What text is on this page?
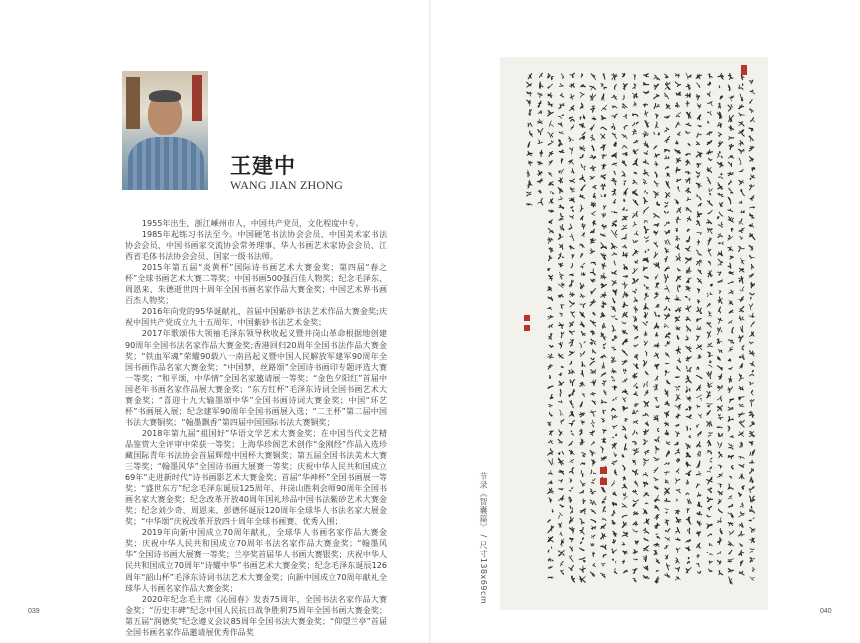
王建中
WANG JIAN ZHONG

1955年出生，浙江嵊州市人，中国共产党员，文化程度中专。

1985年起练习书法至今。中国硬笔书法协会会员、中国美术家书法协会会员、中国书画家交流协会常务理事、华人书画艺术家协会会员、江西省毛体书法协会会员、国家一级书法师。

2015年第五届“炎黄杯”国际诗书画艺术大赛金奖；第四届“春之杯”全球书画艺术大赛二等奖；中国书画500强百佳人物奖；纪念毛泽东、周恩来、朱德逝世四十周年全国书画名家作品大赛金奖；中国艺术界书画百杰人物奖；

2016年向党的95华诞献礼，首届中国紫砂书法艺术作品大赛金奖;庆祝中国共产党成立九十五周年、中国紫砂书法艺术金奖；

2017年歌颂伟大领袖毛泽东领导秋收起义暨井岗山革命根据地创建90周年全国书法名家作品大赛金奖;香港回归20周年全国书法作品大赛金奖；“铁血军魂”荣耀90载八一南昌起义暨中国人民解放军建军90周年全国书画作品名家大赛金奖；“中国梦，丝路颂”全国诗书画印专题评选大赛一等奖；“和平颂，中华情”全国名家邀请展一等奖；“金色夕阳红”首届中国老年书画名家作品展大赛金奖；“东方红杯”毛泽东诗词全国书画艺术大赛金奖；“喜迎十九大输墨颂中华”全国书画诗词大赛金奖；中国“环艺杯”书画展入展；纪念建军90周年全国书画展入选；“二王杯”第二届中国书法大赛铜奖；“翰墨飘香”第四届中国国际书法大赛铜奖；

2018年第九届“祖国好”华语文学艺术大赛金奖；在中国当代文艺精品鉴赏大全评审中荣获一等奖；上海华珍阁艺术创作“金刚经”作品入选珍藏国际青年书法协会首届辉煌中国杯大赛铜奖；第五届全国书法美术大赛三等奖；“翰墨风华”全国诗书画大展赛一等奖；庆祝中华人民共和国成立69年“走进新时代”诗书画影艺术大赛金奖；首届“华神杯”全国书画展一等奖；“盛世东方”纪念毛泽东诞辰125周年、井岗山胜利会师90周年全国书画名家大赛金奖；纪念改革开放40周年国礼珍品中国书法紫砂艺术大赛金奖；纪念刘少奇、周恩来、彭德怀诞辰120周年全球华人书法名家大展金奖；“中华颂”庆祝改革开放四十周年全球书画赛、优秀入围；

2019年向新中国成立70周年献礼，全球华人书画名家作品大赛金奖；庆祝中华人民共和国成立70周年书法名家作品大赛金奖；“翰墨风华”全国诗书画大展赛一等奖；兰亭奖首届华人书画大赛银奖；庆祝中华人民共和国成立70周年“诗耀中华”书画艺术大赛金奖；纪念毛泽东诞辰126周年“韶山杯”毛泽东诗词书法艺术大赛金奖；向新中国成立70周年献礼全球华人书画名家作品大赛金奖；

2020年纪念毛主席《沁园春》发表75周年，全国书法名家作品大赛金奖；“历史丰碑”纪念中国人民抗日战争胜利75周年全国书画大赛金奖；第五届“润德奖”纪念遵义会议85周年全国书法大赛金奖；“仰望兰亭”首届全国书画名家作品邀请展优秀作品奖

039
节录《智囊篇》 / 尺寸138x69cm
040
